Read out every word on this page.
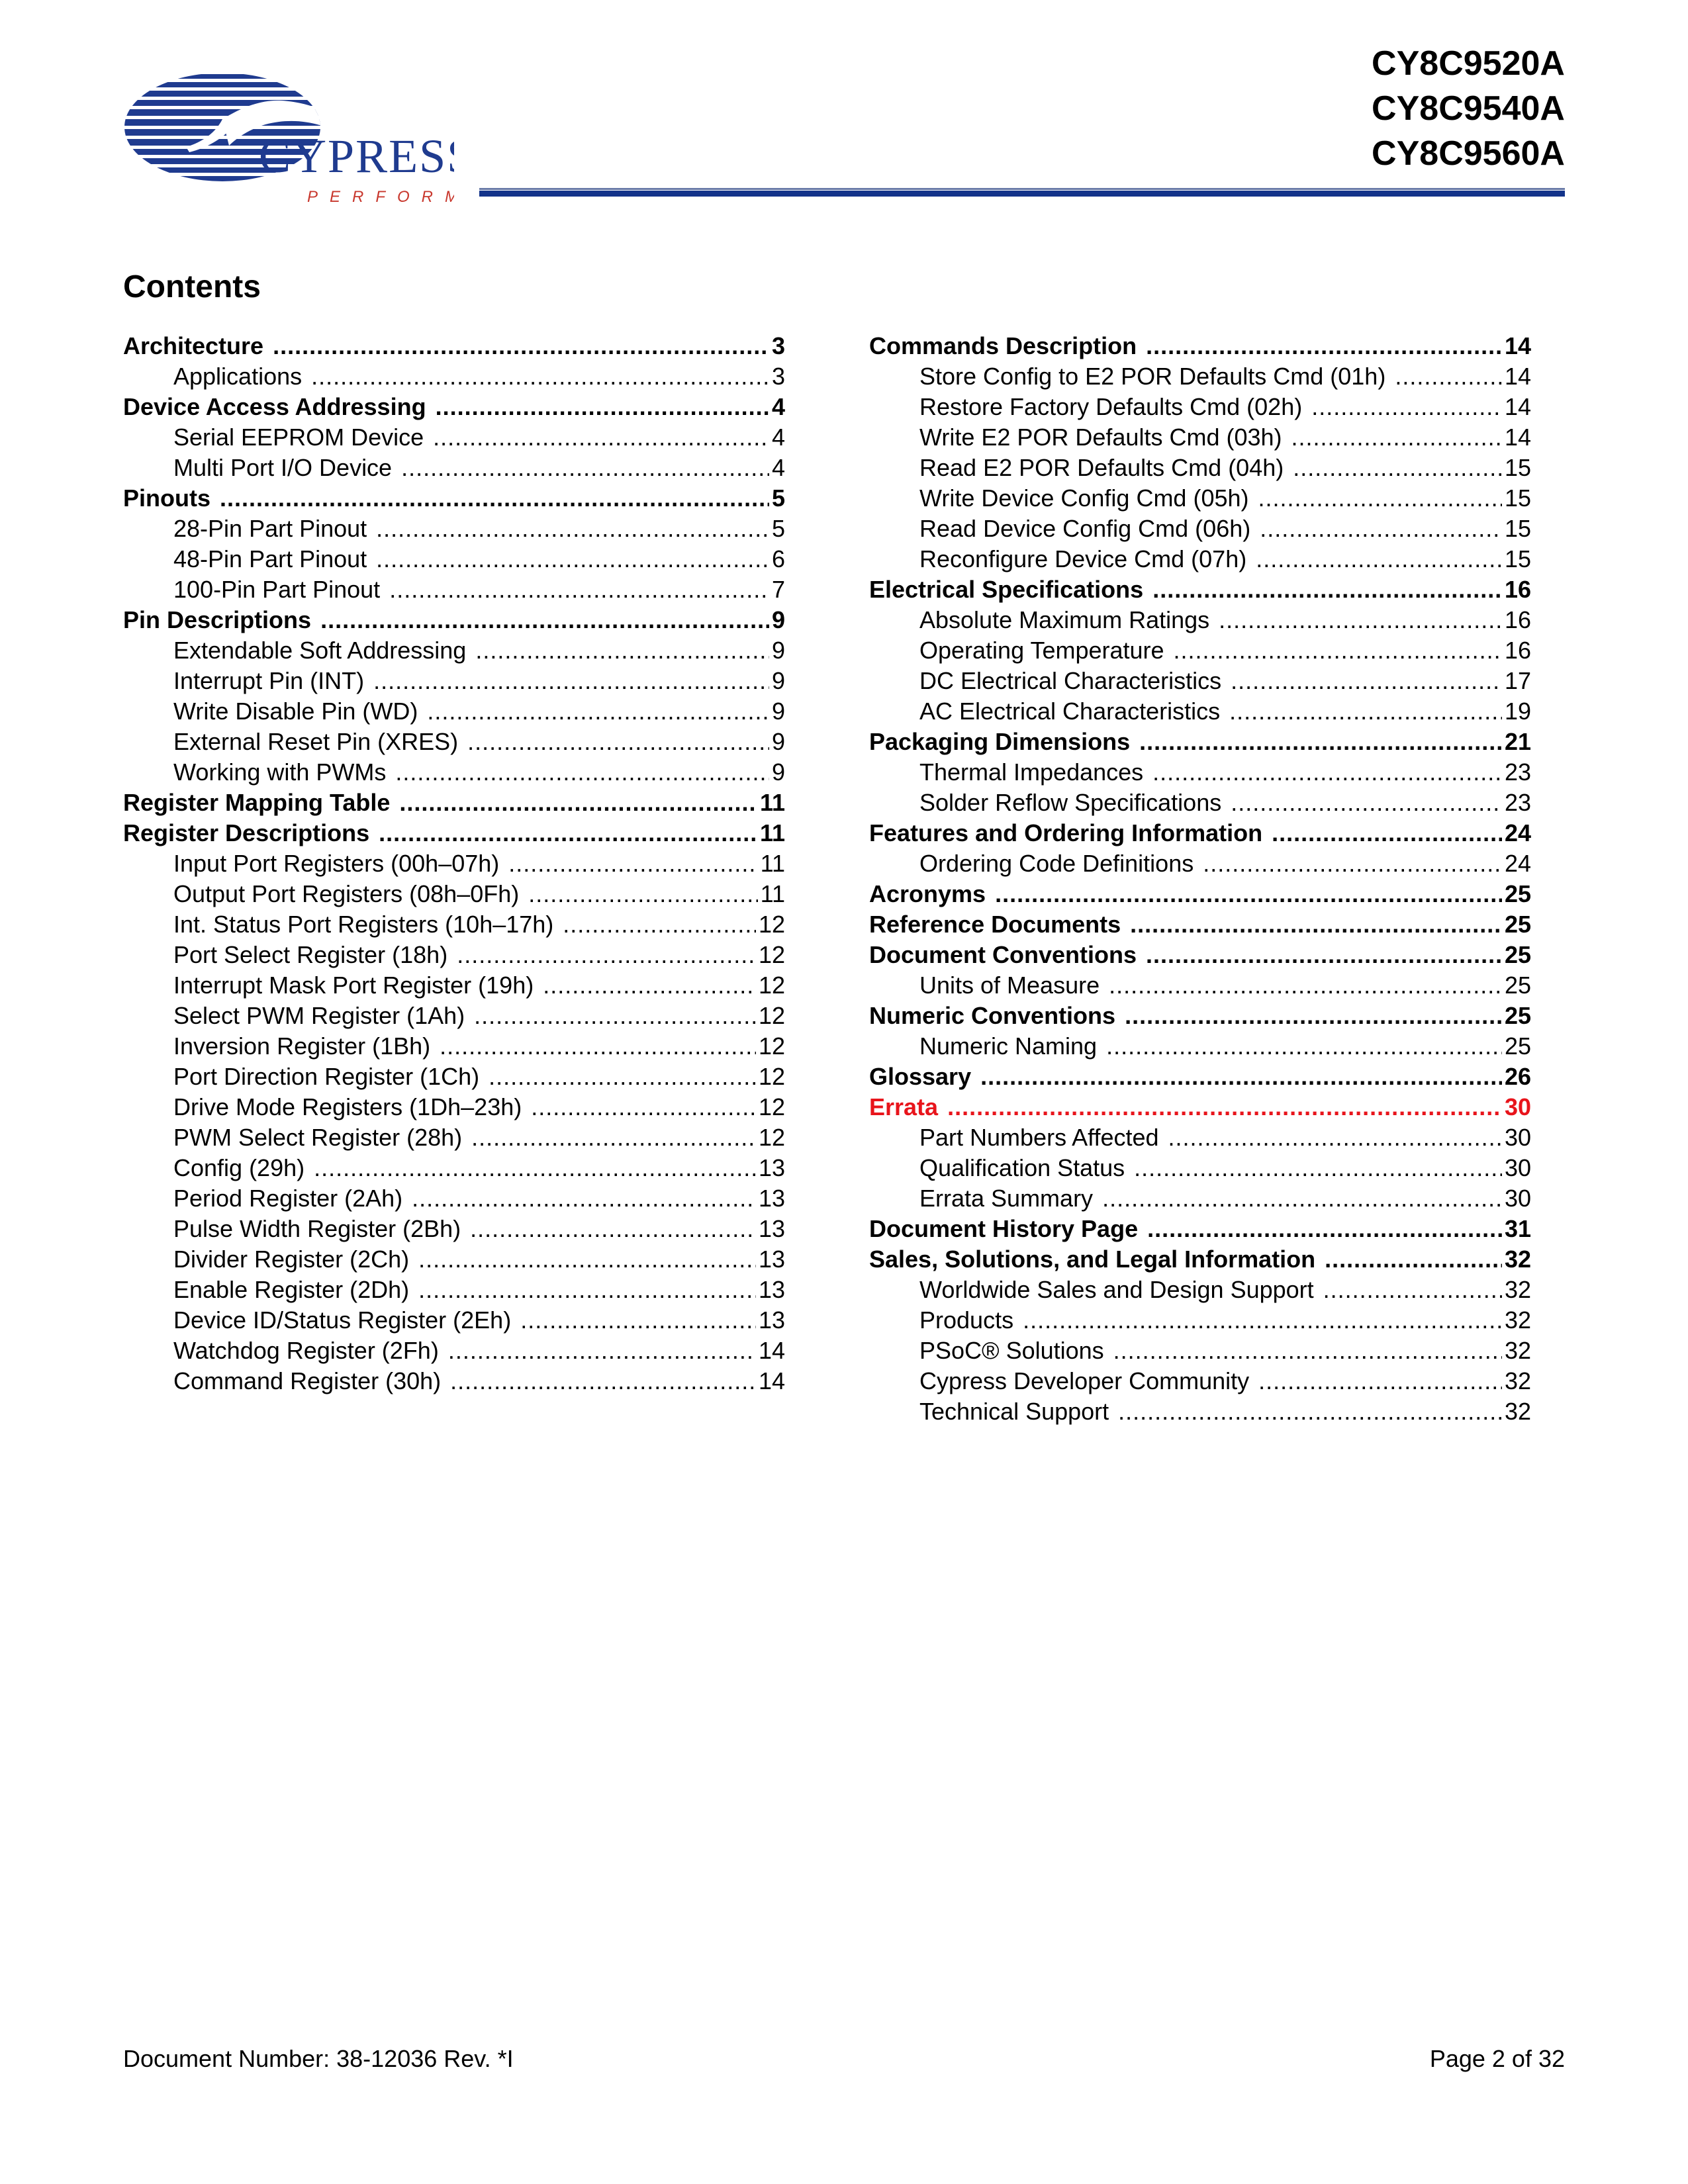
CYPRESS
PERFORM
CY8C9520A
CY8C9540A
CY8C9560A
Contents
Architecture .....	3
Applications .....	3
Device Access Addressing .....	4
Serial EEPROM Device .....	4
Multi Port I/O Device .....	4
Pinouts .....	5
28-Pin Part Pinout .....	5
48-Pin Part Pinout .....	6
100-Pin Part Pinout .....	7
Pin Descriptions .....	9
Extendable Soft Addressing .....	9
Interrupt Pin (INT) .....	9
Write Disable Pin (WD) .....	9
External Reset Pin (XRES) .....	9
Working with PWMs .....	9
Register Mapping Table .....	11
Register Descriptions .....	11
Input Port Registers (00h–07h) .....	11
Output Port Registers (08h–0Fh) .....	11
Int. Status Port Registers (10h–17h) .....	12
Port Select Register (18h) .....	12
Interrupt Mask Port Register (19h) .....	12
Select PWM Register (1Ah) .....	12
Inversion Register (1Bh) .....	12
Port Direction Register (1Ch) .....	12
Drive Mode Registers (1Dh–23h) .....	12
PWM Select Register (28h) .....	12
Config (29h) .....	13
Period Register (2Ah) .....	13
Pulse Width Register (2Bh) .....	13
Divider Register (2Ch) .....	13
Enable Register (2Dh) .....	13
Device ID/Status Register (2Eh) .....	13
Watchdog Register (2Fh) .....	14
Command Register (30h) .....	14
Commands Description .....	14
Store Config to E2 POR Defaults Cmd (01h) .....	14
Restore Factory Defaults Cmd (02h) .....	14
Write E2 POR Defaults Cmd (03h) .....	14
Read E2 POR Defaults Cmd (04h) .....	15
Write Device Config Cmd (05h) .....	15
Read Device Config Cmd (06h) .....	15
Reconfigure Device Cmd (07h) .....	15
Electrical Specifications .....	16
Absolute Maximum Ratings .....	16
Operating Temperature .....	16
DC Electrical Characteristics .....	17
AC Electrical Characteristics .....	19
Packaging Dimensions .....	21
Thermal Impedances .....	23
Solder Reflow Specifications .....	23
Features and Ordering Information .....	24
Ordering Code Definitions .....	24
Acronyms .....	25
Reference Documents .....	25
Document Conventions .....	25
Units of Measure .....	25
Numeric Conventions .....	25
Numeric Naming .....	25
Glossary .....	26
Errata .....	30
Part Numbers Affected .....	30
Qualification Status .....	30
Errata Summary .....	30
Document History Page .....	31
Sales, Solutions, and Legal Information .....	32
Worldwide Sales and Design Support .....	32
Products .....	32
PSoC® Solutions .....	32
Cypress Developer Community .....	32
Technical Support .....	32
Document Number: 38-12036 Rev. *I	Page 2 of 32
